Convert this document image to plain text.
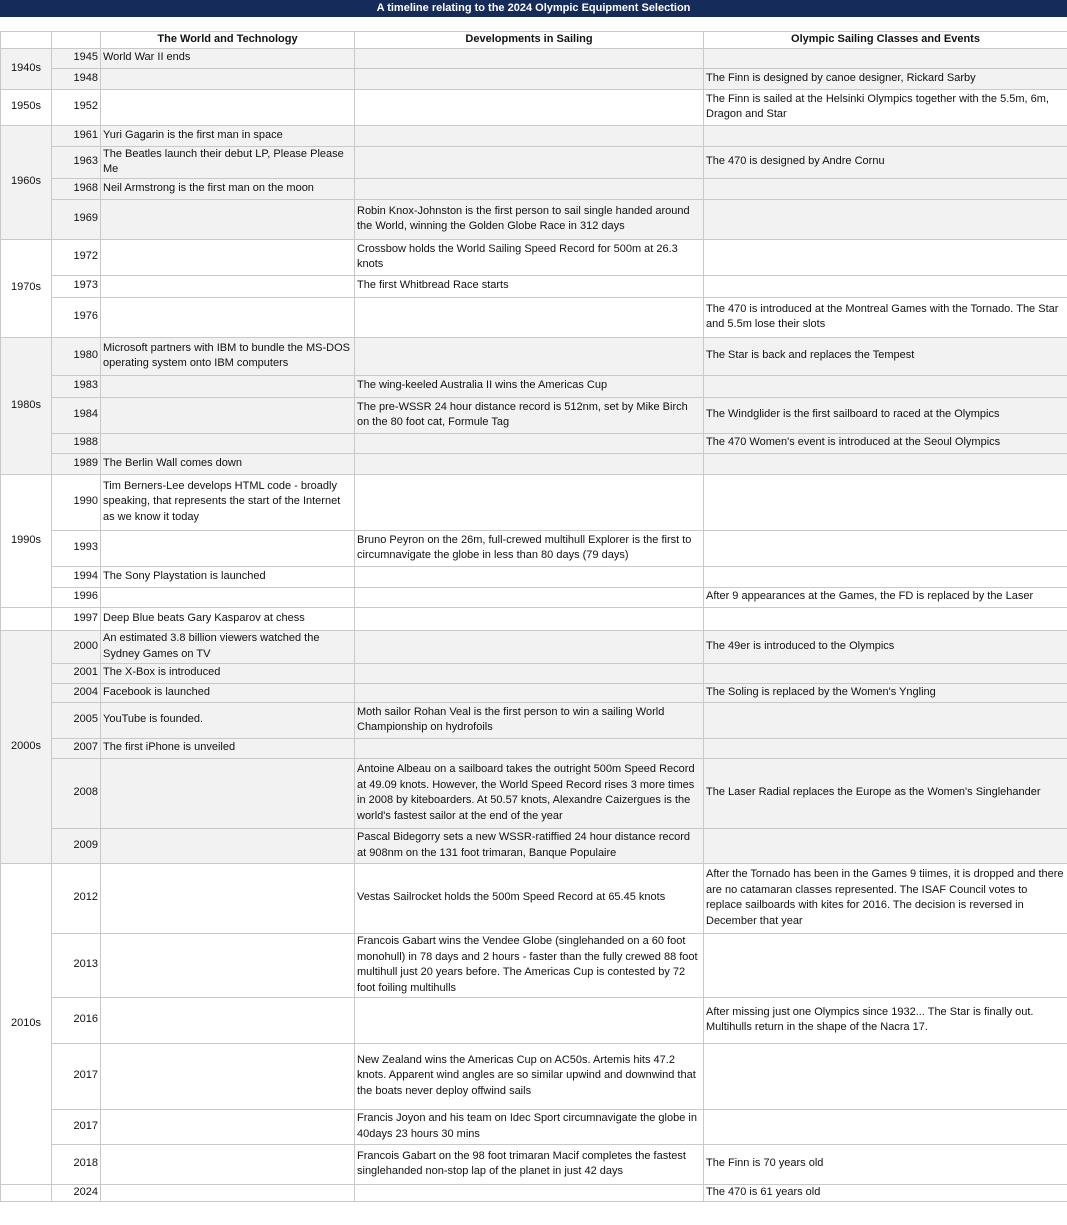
A timeline relating to the 2024 Olympic Equipment Selection
		The World and Technology	Developments in Sailing	Olympic Sailing Classes and Events
1940s	1945	World War II ends		
	1948			The Finn is designed by canoe designer, Rickard Sarby
1950s	1952			The Finn is sailed at the Helsinki Olympics together with the 5.5m, 6m, Dragon and Star
1960s	1961	Yuri Gagarin is the first man in space		
	1963	The Beatles launch their debut LP, Please Please Me		The 470 is designed by Andre Cornu
	1968	Neil Armstrong is the first man on the moon		
	1969		Robin Knox-Johnston is the first person to sail single handed around the World, winning the Golden Globe Race in 312 days	
1970s	1972		Crossbow holds the World Sailing Speed Record for 500m at 26.3 knots	
	1973		The first Whitbread Race starts	
	1976			The 470 is introduced at the Montreal Games with the Tornado. The Star and 5.5m lose their slots
1980s	1980	Microsoft partners with IBM to bundle the MS-DOS operating system onto IBM computers		The Star is back and replaces the Tempest
	1983		The wing-keeled Australia II wins the Americas Cup	
	1984		The pre-WSSR 24 hour distance record is 512nm, set by Mike Birch on the 80 foot cat, Formule Tag	The Windglider is the first sailboard to raced at the Olympics
	1988			The 470 Women's event is introduced at the Seoul Olympics
	1989	The Berlin Wall comes down		
1990s	1990	Tim Berners-Lee develops HTML code - broadly speaking, that represents the start of the Internet as we know it today		
	1993		Bruno Peyron on the 26m, full-crewed multihull Explorer is the first to circumnavigate the globe in less than 80 days (79 days)	
	1994	The Sony Playstation is launched		
	1996			After 9 appearances at the Games, the FD is replaced by the Laser
	1997	Deep Blue beats Gary Kasparov at chess		
2000s	2000	An estimated 3.8 billion viewers watched the Sydney Games on TV		The 49er is introduced to the Olympics
	2001	The X-Box is introduced		
	2004	Facebook is launched		The Soling is replaced by the Women's Yngling
	2005	YouTube is founded.	Moth sailor Rohan Veal is the first person to win a sailing World Championship on hydrofoils	
	2007	The first iPhone is unveiled		
	2008		Antoine Albeau on a sailboard takes the outright 500m Speed Record at 49.09 knots. However, the World Speed Record rises 3 more times in 2008 by kiteboarders. At 50.57 knots, Alexandre Caizergues is the world's fastest sailor at the end of the year	The Laser Radial replaces the Europe as the Women's Singlehander
	2009		Pascal Bidegorry sets a new WSSR-ratiffied 24 hour distance record at 908nm on the 131 foot trimaran, Banque Populaire	
2010s	2012		Vestas Sailrocket holds the 500m Speed Record at 65.45 knots	After the Tornado has been in the Games 9 tiimes, it is dropped and there are no catamaran classes represented. The ISAF Council votes to replace sailboards with kites for 2016. The decision is reversed in December that year
	2013		Francois Gabart wins the Vendee Globe (singlehanded on a 60 foot monohull) in 78 days and 2 hours - faster than the fully crewed 88 foot multihull just 20 years before. The Americas Cup is contested by 72 foot foiling multihulls	
	2016			After missing just one Olympics since 1932... The Star is finally out. Multihulls return in the shape of the Nacra 17.
	2017		New Zealand wins the Americas Cup on AC50s. Artemis hits 47.2 knots. Apparent wind angles are so similar upwind and downwind that the boats never deploy offwind sails	
	2017		Francis Joyon and his team on Idec Sport circumnavigate the globe in 40days 23 hours 30 mins	
	2018		Francois Gabart on the 98 foot trimaran Macif completes the fastest singlehanded non-stop lap of the planet in just 42 days	The Finn is 70 years old
	2024			The 470 is 61 years old
